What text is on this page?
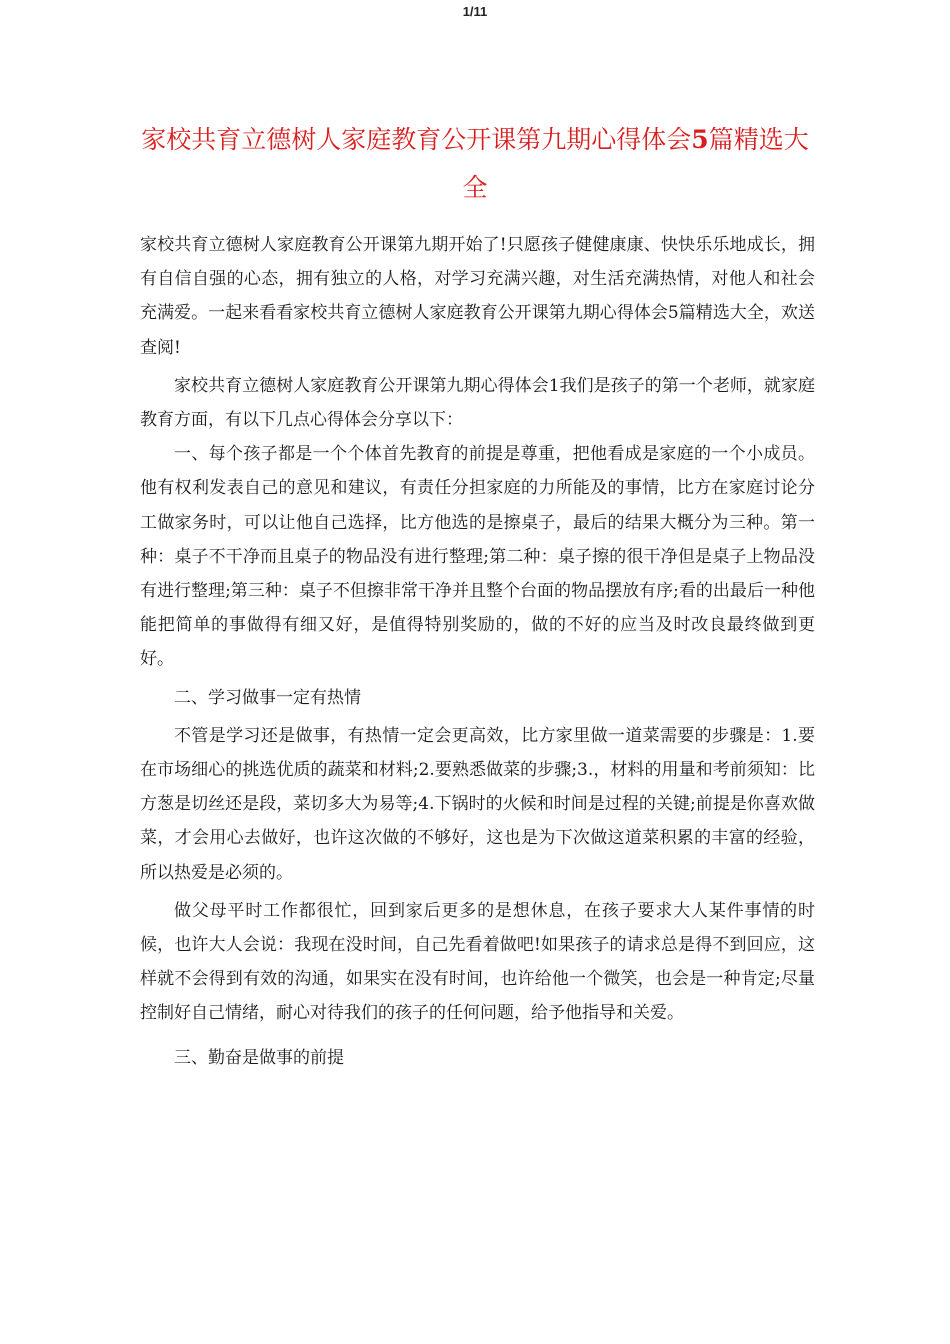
1/11
家校共育立德树人家庭教育公开课第九期心得体会5篇精选大全

家校共育立德树人家庭教育公开课第九期开始了!只愿孩子健健康康、快快乐乐地成长，拥有自信自强的心态，拥有独立的人格，对学习充满兴趣，对生活充满热情，对他人和社会充满爱。一起来看看家校共育立德树人家庭教育公开课第九期心得体会5篇精选大全，欢送查阅!

家校共育立德树人家庭教育公开课第九期心得体会1我们是孩子的第一个老师，就家庭教育方面，有以下几点心得体会分享以下：

一、每个孩子都是一个个体首先教育的前提是尊重，把他看成是家庭的一个小成员。他有权利发表自己的意见和建议，有责任分担家庭的力所能及的事情，比方在家庭讨论分工做家务时，可以让他自己选择，比方他选的是擦桌子，最后的结果大概分为三种。第一种：桌子不干净而且桌子的物品没有进行整理;第二种：桌子擦的很干净但是桌子上物品没有进行整理;第三种：桌子不但擦非常干净并且整个台面的物品摆放有序;看的出最后一种他能把简单的事做得有细又好，是值得特别奖励的，做的不好的应当及时改良最终做到更好。

二、学习做事一定有热情

不管是学习还是做事，有热情一定会更高效，比方家里做一道菜需要的步骤是：1.要在市场细心的挑选优质的蔬菜和材料;2.要熟悉做菜的步骤;3.，材料的用量和考前须知：比方葱是切丝还是段，菜切多大为易等;4.下锅时的火候和时间是过程的关键;前提是你喜欢做菜，才会用心去做好，也许这次做的不够好，这也是为下次做这道菜积累的丰富的经验，所以热爱是必须的。

做父母平时工作都很忙，回到家后更多的是想休息，在孩子要求大人某件事情的时候，也许大人会说：我现在没时间，自己先看着做吧!如果孩子的请求总是得不到回应，这样就不会得到有效的沟通，如果实在没有时间，也许给他一个微笑，也会是一种肯定;尽量控制好自己情绪，耐心对待我们的孩子的任何问题，给予他指导和关爱。

三、勤奋是做事的前提
